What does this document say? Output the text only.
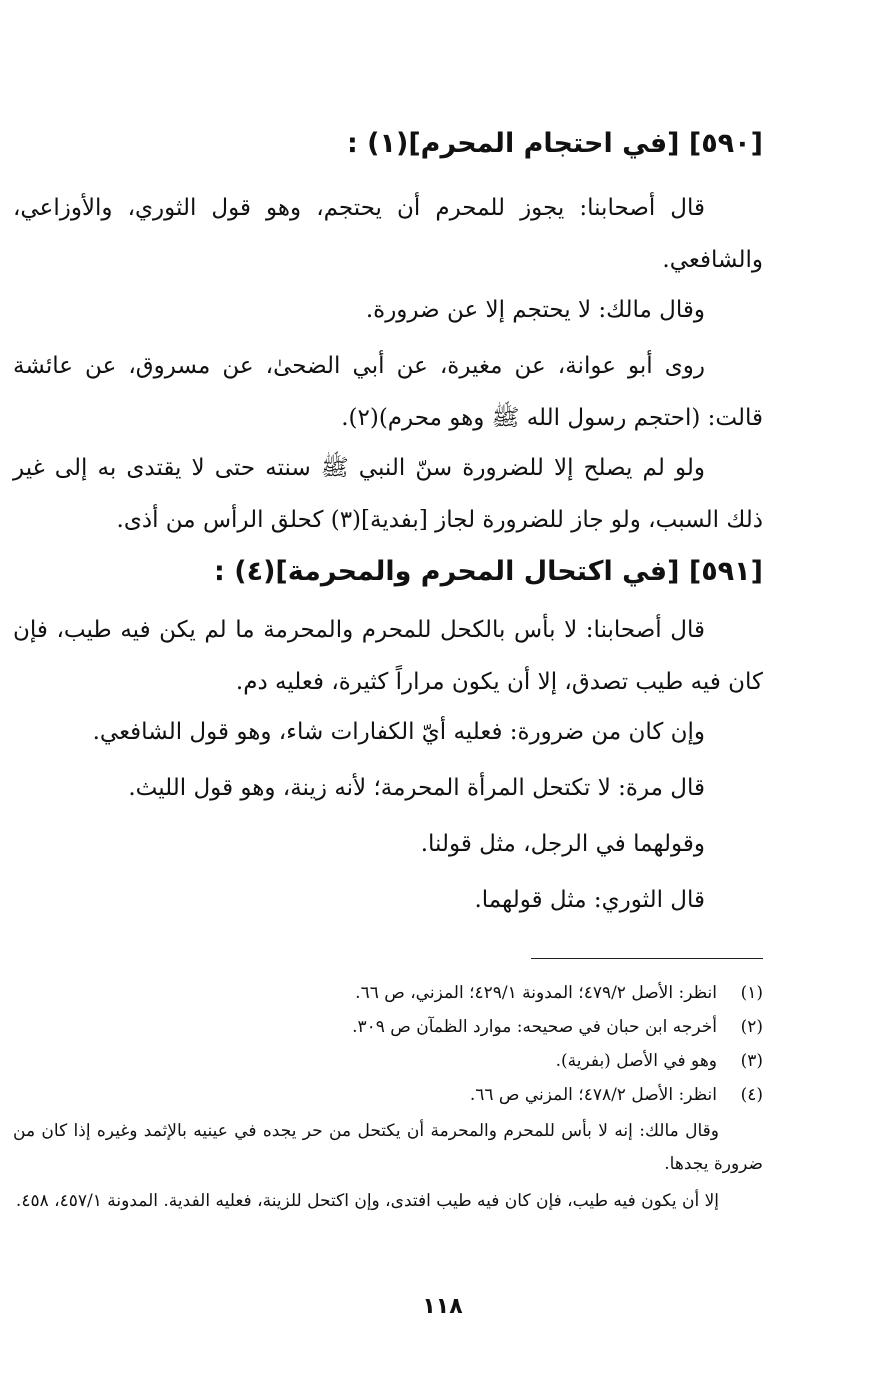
[٥٩٠] [في احتجام المحرم](١) :
قال أصحابنا: يجوز للمحرم أن يحتجم، وهو قول الثوري، والأوزاعي، والشافعي.
وقال مالك: لا يحتجم إلا عن ضرورة.
روى أبو عوانة، عن مغيرة، عن أبي الضحىٰ، عن مسروق، عن عائشة قالت: (احتجم رسول الله ﷺ وهو محرم)(٢).
ولو لم يصلح إلا للضرورة سنّ النبي ﷺ سنته حتى لا يقتدى به إلى غير ذلك السبب، ولو جاز للضرورة لجاز [بفدية](٣) كحلق الرأس من أذى.
[٥٩١] [في اكتحال المحرم والمحرمة](٤) :
قال أصحابنا: لا بأس بالكحل للمحرم والمحرمة ما لم يكن فيه طيب، فإن كان فيه طيب تصدق، إلا أن يكون مراراً كثيرة، فعليه دم.
وإن كان من ضرورة: فعليه أيّ الكفارات شاء، وهو قول الشافعي.
قال مرة: لا تكتحل المرأة المحرمة؛ لأنه زينة، وهو قول الليث.
وقولهما في الرجل، مثل قولنا.
قال الثوري: مثل قولهما.
(١)انظر: الأصل ٤٧٩/٢؛ المدونة ٤٢٩/١؛ المزني، ص ٦٦.
(٢)أخرجه ابن حبان في صحيحه: موارد الظمآن ص ٣٠٩.
(٣)وهو في الأصل (بفرية).
(٤)انظر: الأصل ٤٧٨/٢؛ المزني ص ٦٦.
وقال مالك: إنه لا بأس للمحرم والمحرمة أن يكتحل من حر يجده في عينيه بالإثمد وغيره إذا كان من ضرورة يجدها.
إلا أن يكون فيه طيب، فإن كان فيه طيب افتدى، وإن اكتحل للزينة، فعليه الفدية. المدونة ٤٥٧/١، ٤٥٨.
١١٨
